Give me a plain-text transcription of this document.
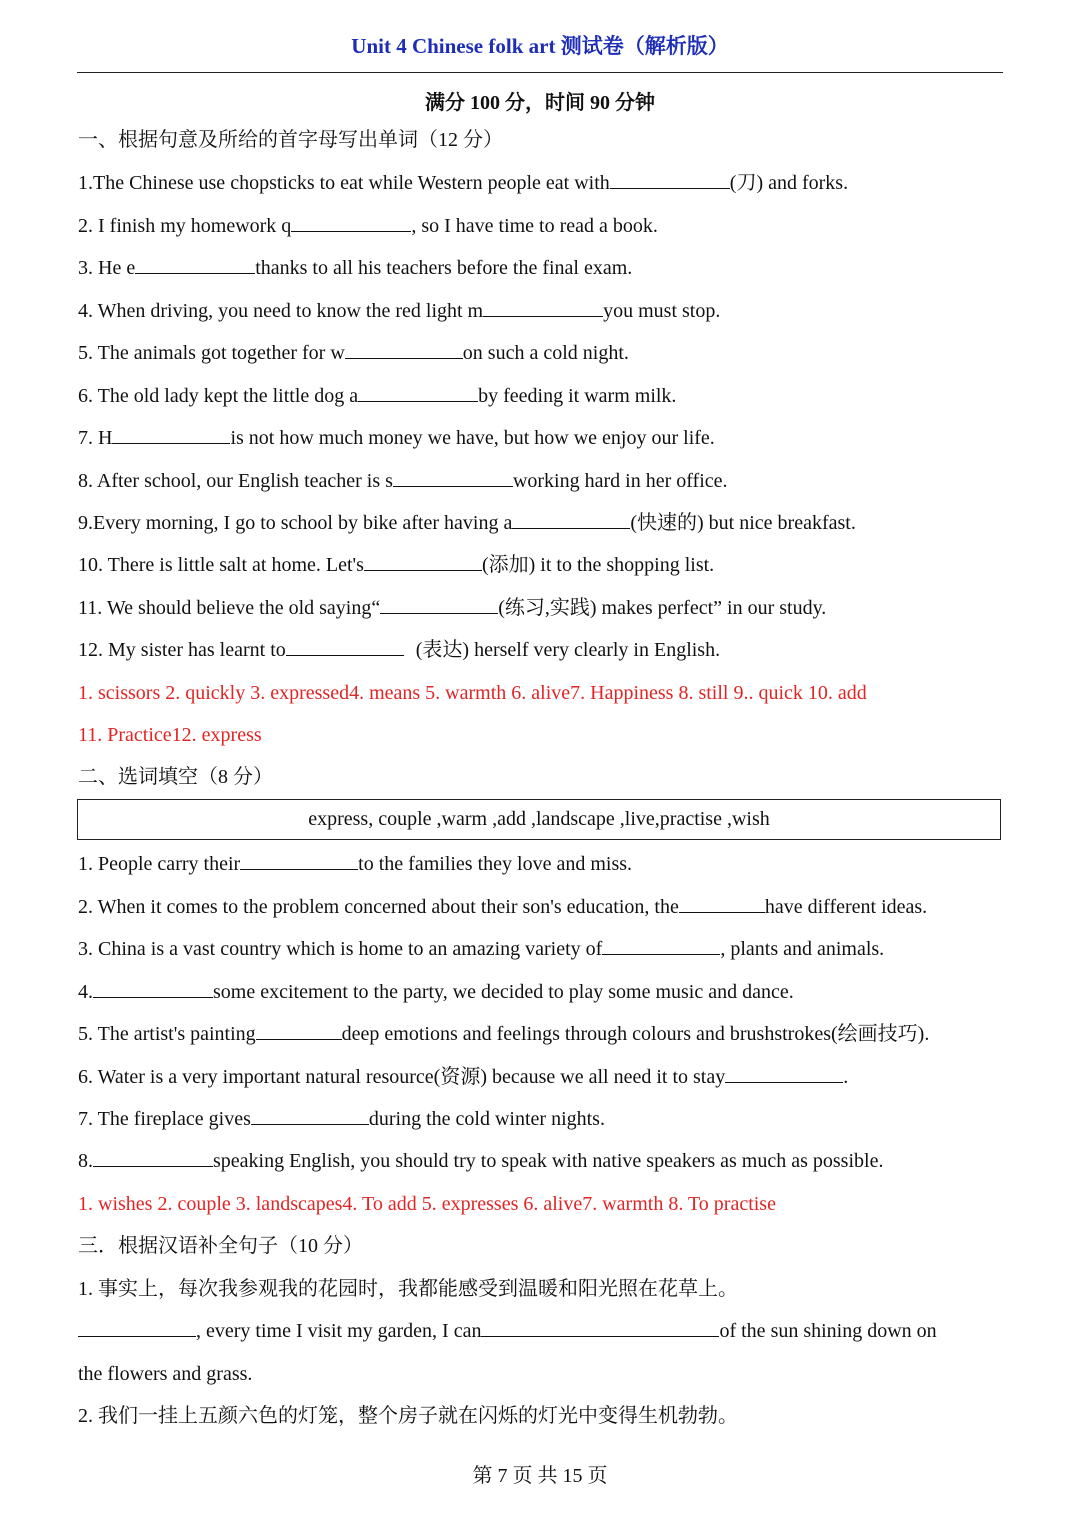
Unit 4 Chinese folk art 测试卷（解析版）
满分 100 分，时间 90 分钟
一、根据句意及所给的首字母写出单词（12 分）
1.The Chinese use chopsticks to eat while Western people eat with	(刀) and forks.
2. I finish my homework q	, so I have time to read a book.
3. He e	thanks to all his teachers before the final exam.
4. When driving, you need to know the red light m	you must stop.
5. The animals got together for w	on such a cold night.
6. The old lady kept the little dog a	by feeding it warm milk.
7. H	is not how much money we have, but how we enjoy our life.
8. After school, our English teacher is s	working hard in her office.
9.Every morning, I go to school by bike after having a	(快速的) but nice breakfast.
10. There is little salt at home. Let's	(添加) it to the shopping list.
11. We should believe the old saying“	(练习,实践) makes perfect” in our study.
12. My sister has learnt to	(表达) herself very clearly in English.
1. scissors 2. quickly 3. expressed4. means 5. warmth 6. alive7. Happiness 8. still 9.. quick 10. add
11. Practice12. express
二、选词填空（8 分）
express, couple ,warm ,add ,landscape ,live,practise ,wish
1. People carry their	to the families they love and miss.
2. When it comes to the problem concerned about their son's education, the	have different ideas.
3. China is a vast country which is home to an amazing variety of	, plants and animals.
4.	some excitement to the party, we decided to play some music and dance.
5. The artist's painting	deep emotions and feelings through colours and brushstrokes(绘画技巧).
6. Water is a very important natural resource(资源) because we all need it to stay	.
7. The fireplace gives	during the cold winter nights.
8.	speaking English, you should try to speak with native speakers as much as possible.
1. wishes 2. couple 3. landscapes4. To add 5. expresses 6. alive7. warmth 8. To practise
三．根据汉语补全句子（10 分）
1. 事实上，每次我参观我的花园时，我都能感受到温暖和阳光照在花草上。
, every time I visit my garden, I can	of the sun shining down on
the flowers and grass.
2. 我们一挂上五颜六色的灯笼，整个房子就在闪烁的灯光中变得生机勃勃。
第 7 页 共 15 页
